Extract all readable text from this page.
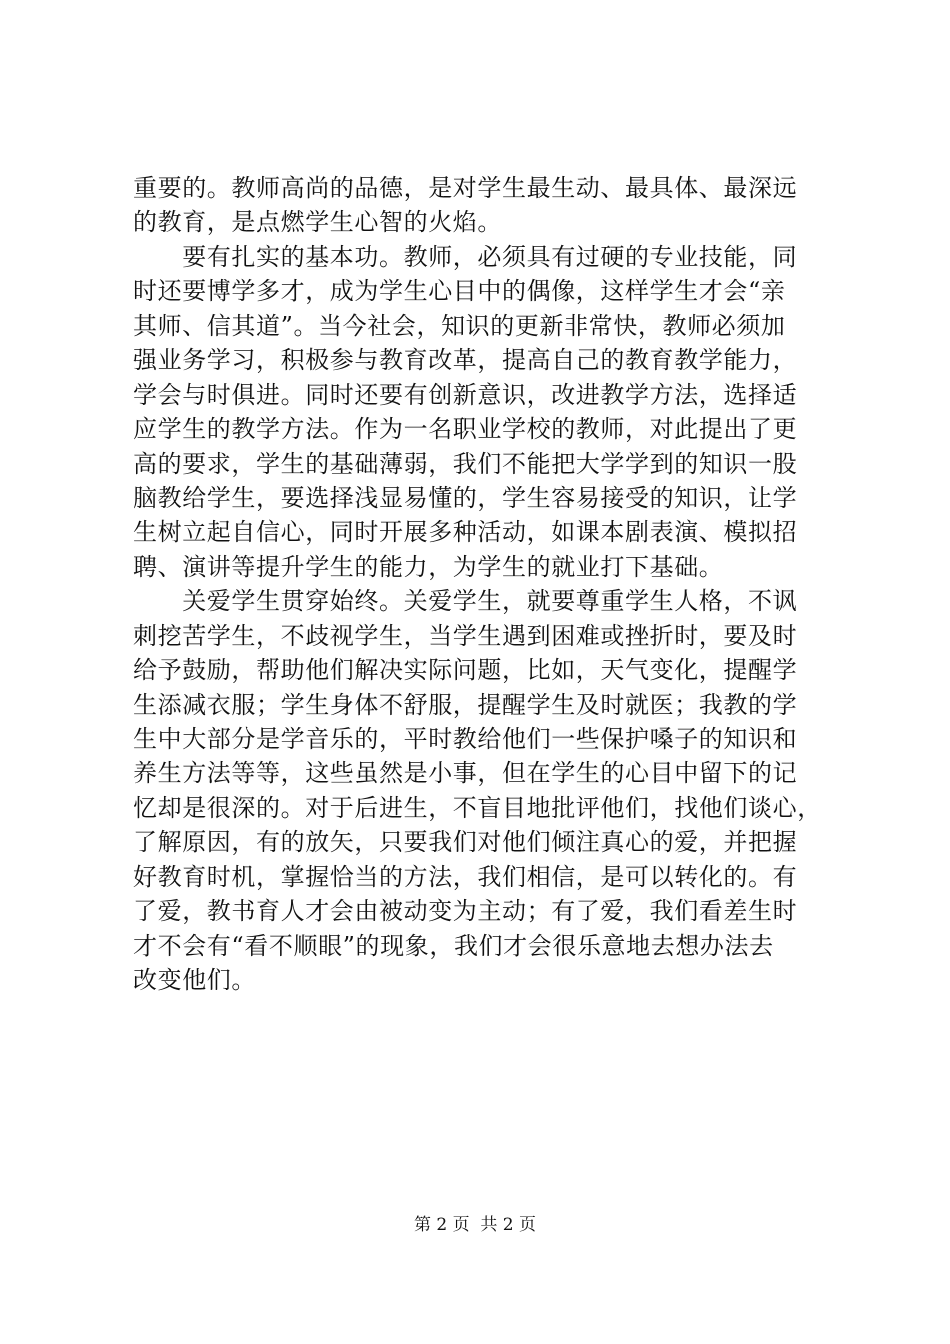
重要的。教师高尚的品德，是对学生最生动、最具体、最深远
的教育，是点燃学生心智的火焰。
　　要有扎实的基本功。教师，必须具有过硬的专业技能，同
时还要博学多才，成为学生心目中的偶像，这样学生才会“亲
其师、信其道”。当今社会，知识的更新非常快，教师必须加
强业务学习，积极参与教育改革，提高自己的教育教学能力，
学会与时俱进。同时还要有创新意识，改进教学方法，选择适
应学生的教学方法。作为一名职业学校的教师，对此提出了更
高的要求，学生的基础薄弱，我们不能把大学学到的知识一股
脑教给学生，要选择浅显易懂的，学生容易接受的知识，让学
生树立起自信心，同时开展多种活动，如课本剧表演、模拟招
聘、演讲等提升学生的能力，为学生的就业打下基础。
　　关爱学生贯穿始终。关爱学生，就要尊重学生人格，不讽
刺挖苦学生，不歧视学生，当学生遇到困难或挫折时，要及时
给予鼓励，帮助他们解决实际问题，比如，天气变化，提醒学
生添减衣服；学生身体不舒服，提醒学生及时就医；我教的学
生中大部分是学音乐的，平时教给他们一些保护嗓子的知识和
养生方法等等，这些虽然是小事，但在学生的心目中留下的记
忆却是很深的。对于后进生，不盲目地批评他们，找他们谈心，
了解原因，有的放矢，只要我们对他们倾注真心的爱，并把握
好教育时机，掌握恰当的方法，我们相信，是可以转化的。有
了爱，教书育人才会由被动变为主动；有了爱，我们看差生时
才不会有“看不顺眼”的现象，我们才会很乐意地去想办法去
改变他们。
第 2 页  共 2 页
